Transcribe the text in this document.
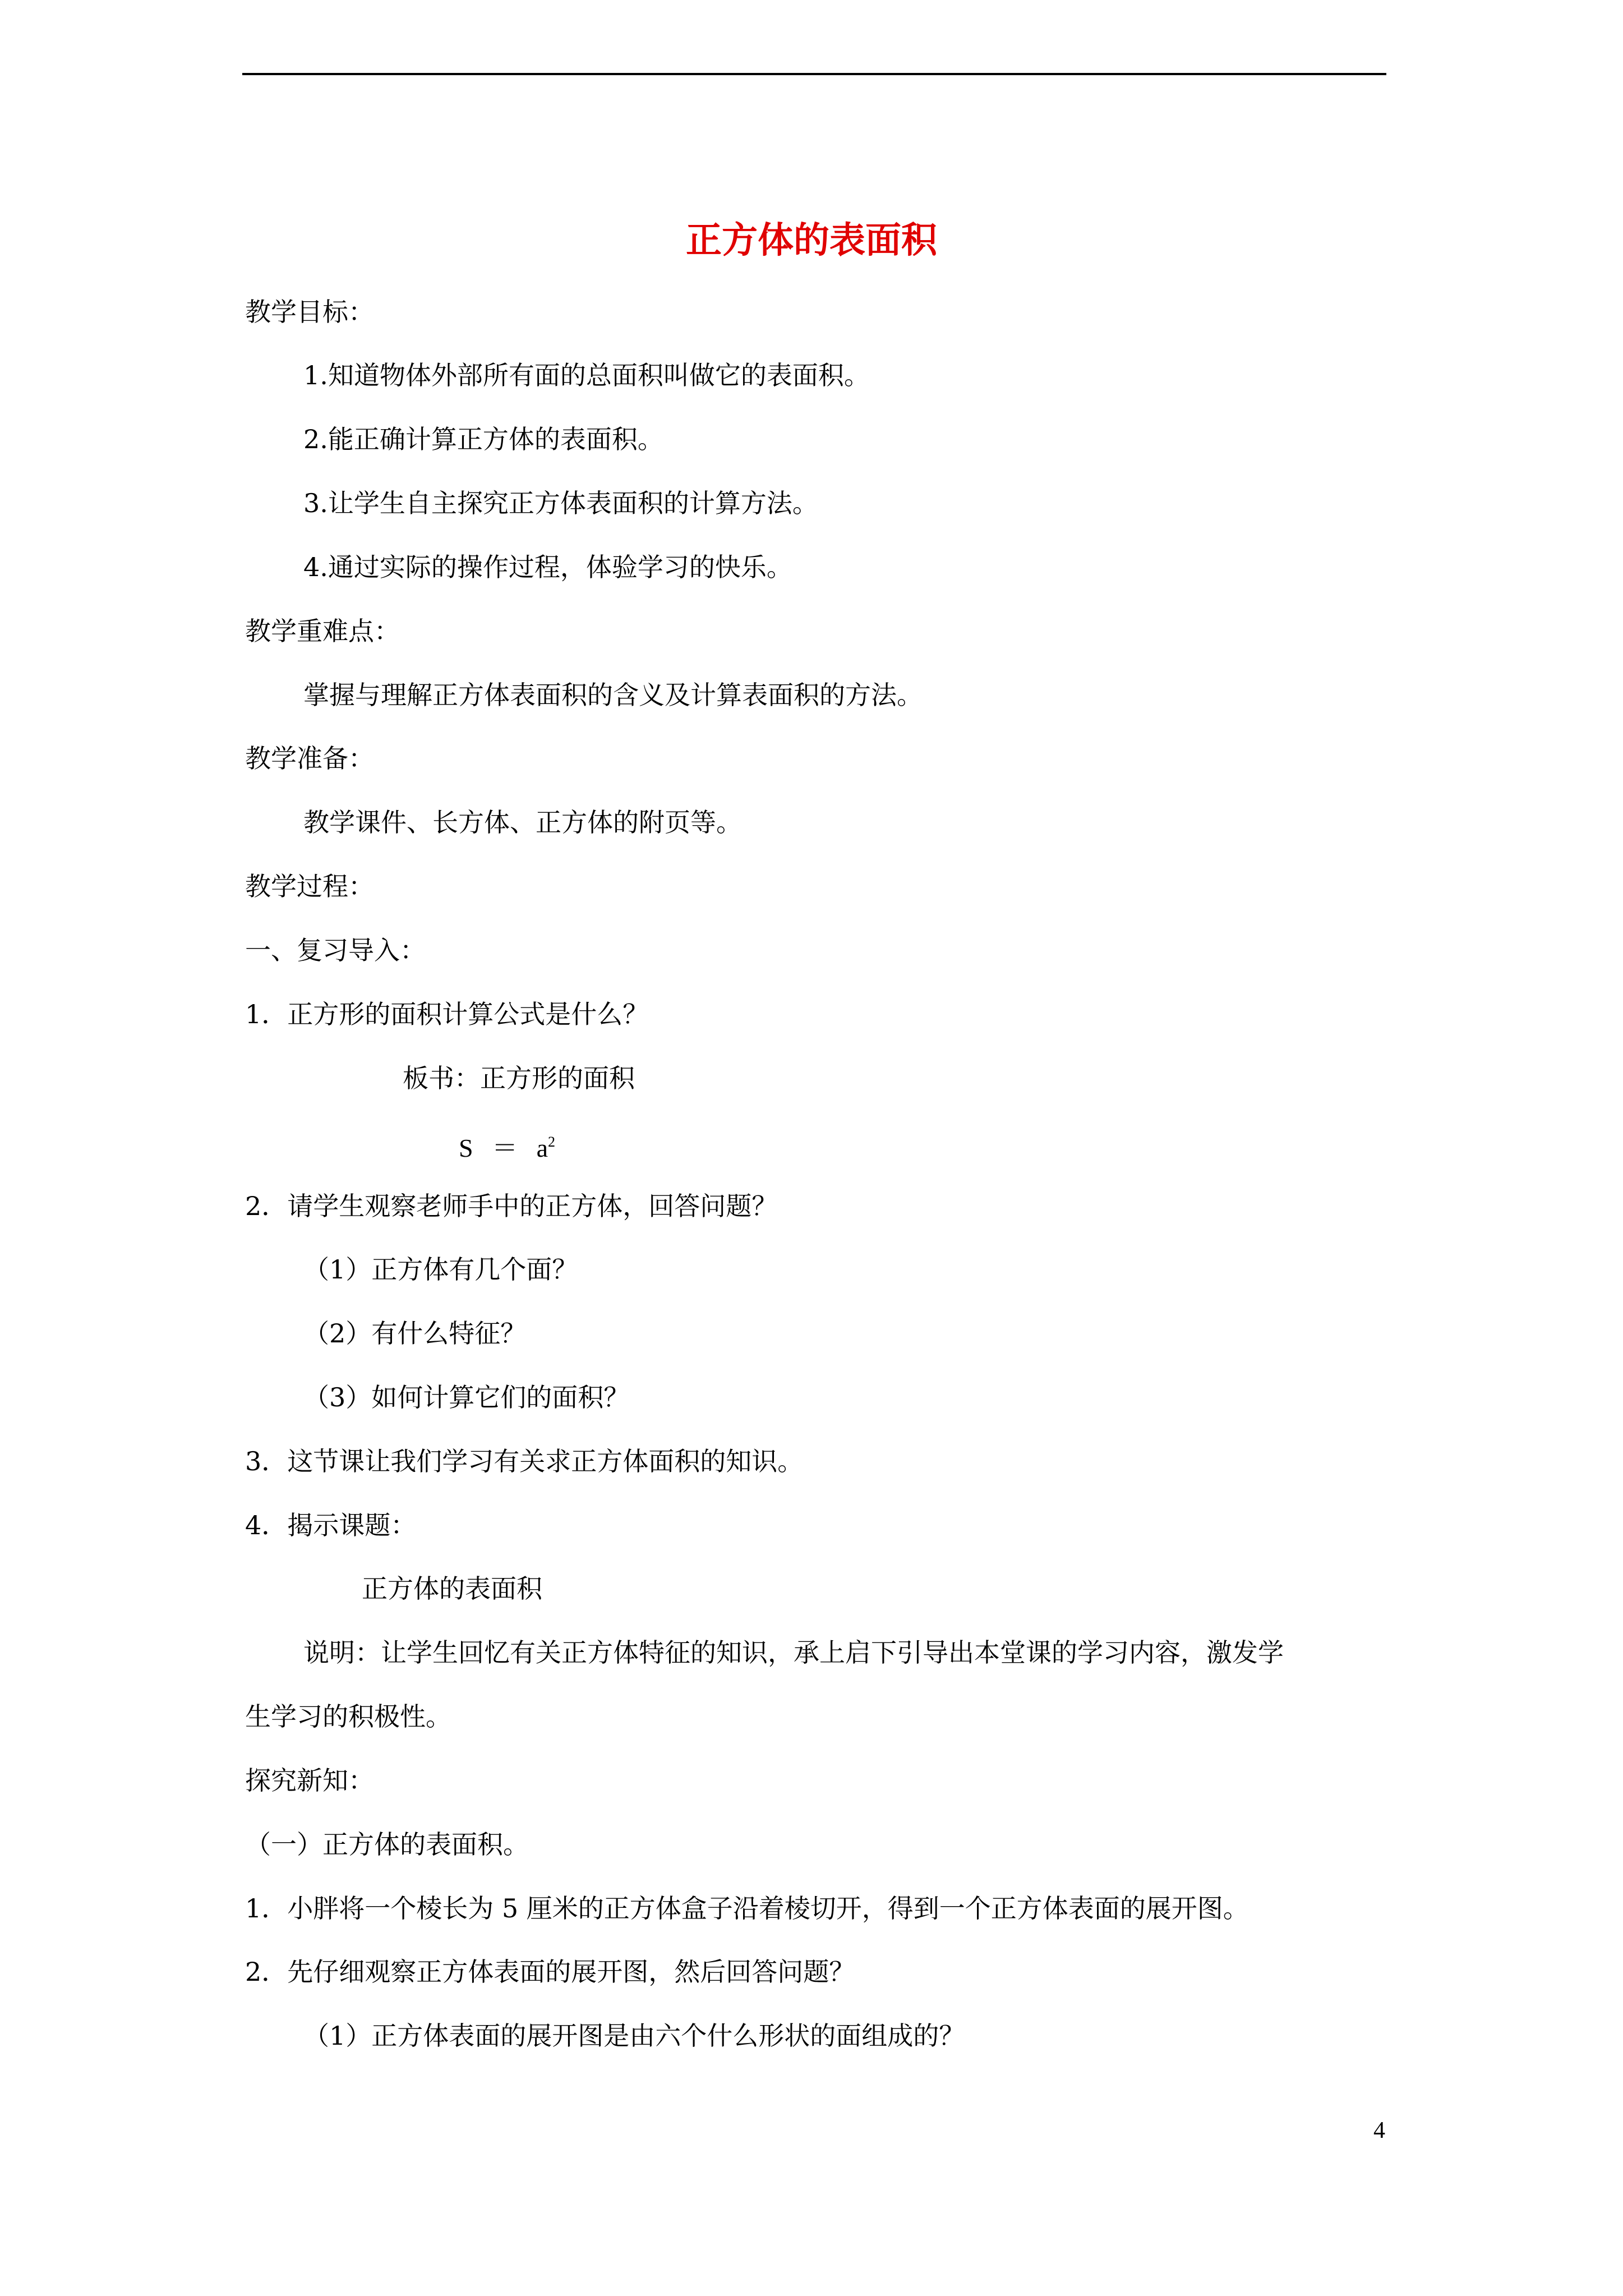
正方体的表面积
教学目标：
1.知道物体外部所有面的总面积叫做它的表面积。
2.能正确计算正方体的表面积。
3.让学生自主探究正方体表面积的计算方法。
4.通过实际的操作过程，体验学习的快乐。
教学重难点：
掌握与理解正方体表面积的含义及计算表面积的方法。
教学准备：
教学课件、长方体、正方体的附页等。
教学过程：
一、复习导入：
1．正方形的面积计算公式是什么？
板书：正方形的面积
$S = a^2$
2．请学生观察老师手中的正方体，回答问题？
（1）正方体有几个面？
（2）有什么特征？
（3）如何计算它们的面积？
3．这节课让我们学习有关求正方体面积的知识。
4．揭示课题：
正方体的表面积
说明：让学生回忆有关正方体特征的知识，承上启下引导出本堂课的学习内容，激发学
生学习的积极性。
探究新知：
（一）正方体的表面积。
1．小胖将一个棱长为 5 厘米的正方体盒子沿着棱切开，得到一个正方体表面的展开图。
2．先仔细观察正方体表面的展开图，然后回答问题？
（1）正方体表面的展开图是由六个什么形状的面组成的？
4
